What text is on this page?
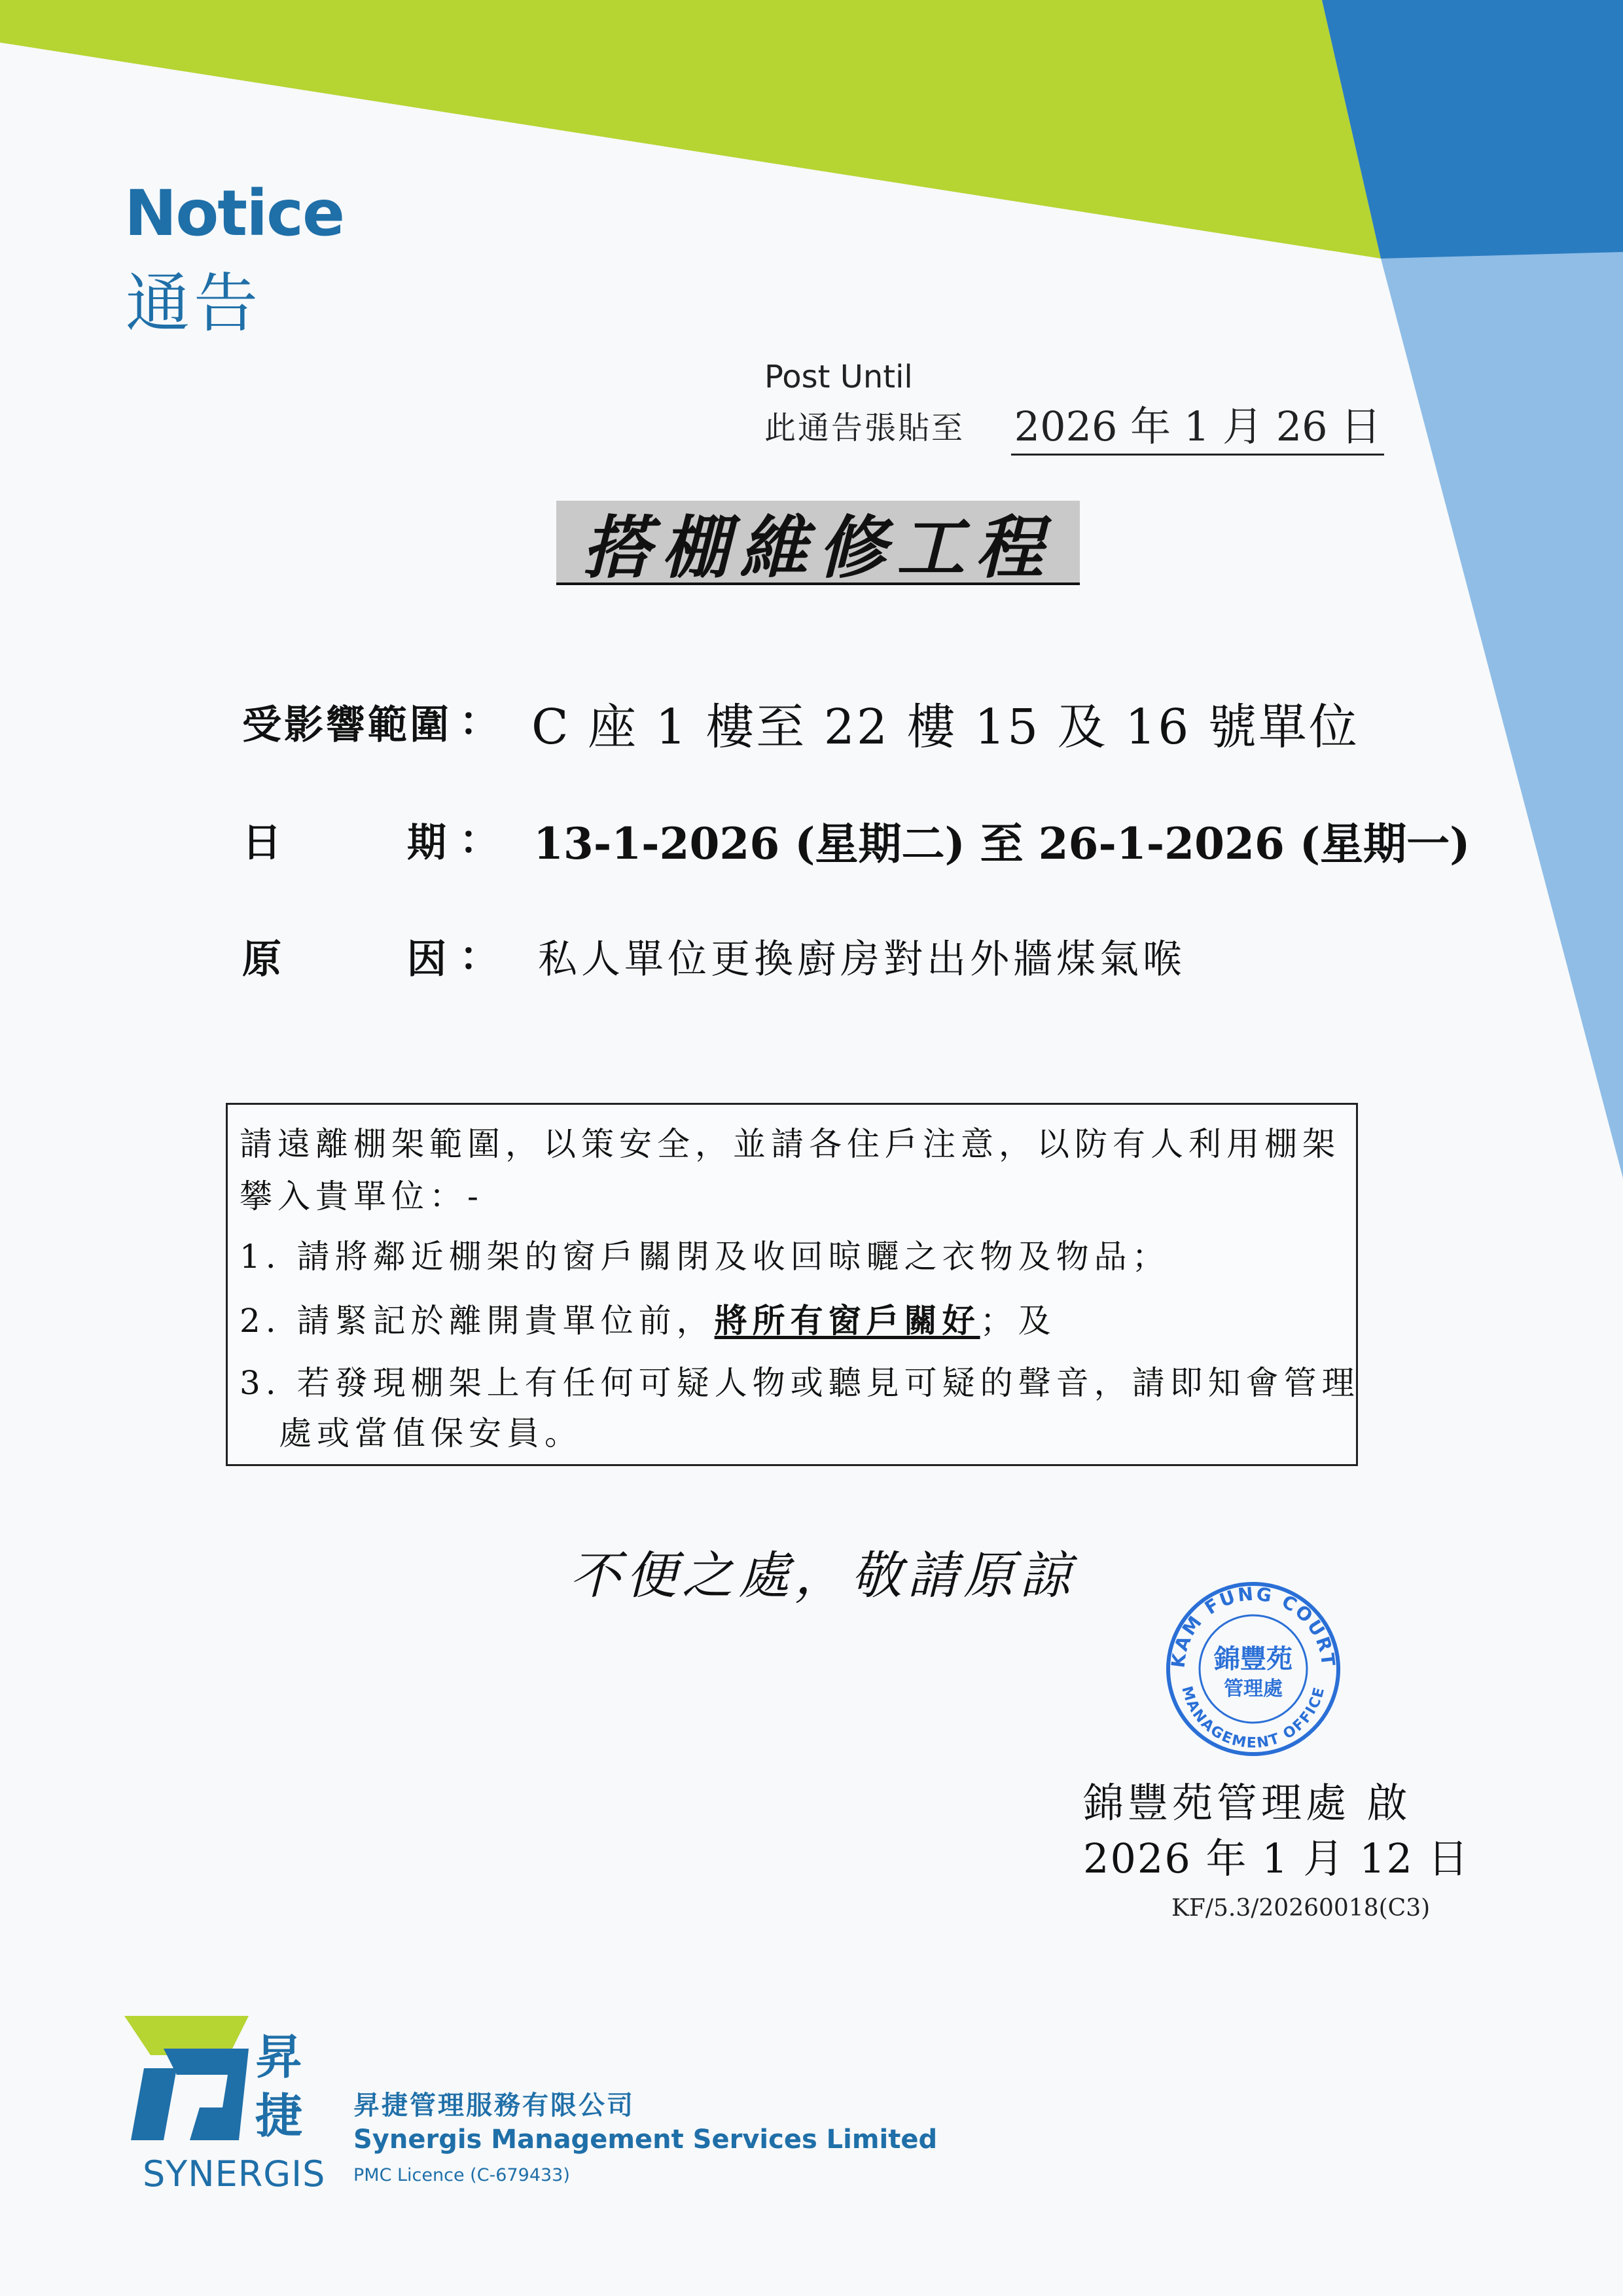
Notice
通告
Post Until
此通告張貼至 2026 年 1 月 26 日
搭棚維修工程
受影響範圍 ： C 座 1 樓至 22 樓 15 及 16 號單位
日	期 ： 13-1-2026 (星期二) 至 26-1-2026 (星期一)
原	因 ： 私人單位更換廚房對出外牆煤氣喉
請遠離棚架範圍，以策安全，並請各住戶注意，以防有人利用棚架
攀入貴單位：-
1. 請將鄰近棚架的窗戶關閉及收回晾曬之衣物及物品；
2. 請緊記於離開貴單位前，將所有窗戶關好；及
3. 若發現棚架上有任何可疑人物或聽見可疑的聲音，請即知會管理
處或當值保安員。
不便之處，敬請原諒
KAM FUNG COURT
MANAGEMENT OFFICE
錦豐苑
管理處
錦豐苑管理處 啟
2026 年 1 月 12 日
KF/5.3/20260018(C3)
昇
捷
SYNERGIS
昇捷管理服務有限公司
Synergis Management Services Limited
PMC Licence (C-679433)
